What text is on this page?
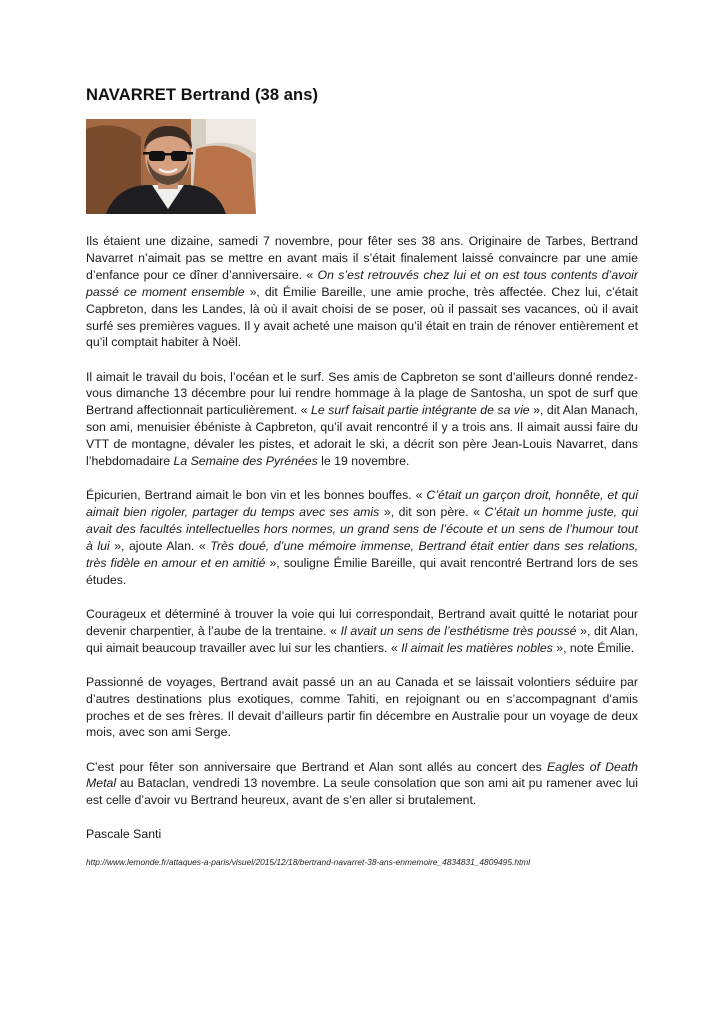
NAVARRET Bertrand (38 ans)

Ils étaient une dizaine, samedi 7 novembre, pour fêter ses 38 ans. Originaire de Tarbes, Bertrand Navarret n’aimait pas se mettre en avant mais il s’était finalement laissé convaincre par une amie d’enfance pour ce dîner d’anniversaire. « On s’est retrouvés chez lui et on est tous contents d’avoir passé ce moment ensemble », dit Émilie Bareille, une amie proche, très affectée. Chez lui, c’était Capbreton, dans les Landes, là où il avait choisi de se poser, où il passait ses vacances, où il avait surfé ses premières vagues. Il y avait acheté une maison qu’il était en train de rénover entièrement et qu’il comptait habiter à Noël.

Il aimait le travail du bois, l’océan et le surf. Ses amis de Capbreton se sont d’ailleurs donné rendez-vous dimanche 13 décembre pour lui rendre hommage à la plage de Santosha, un spot de surf que Bertrand affectionnait particulièrement. « Le surf faisait partie intégrante de sa vie », dit Alan Manach, son ami, menuisier ébéniste à Capbreton, qu’il avait rencontré il y a trois ans. Il aimait aussi faire du VTT de montagne, dévaler les pistes, et adorait le ski, a décrit son père Jean-Louis Navarret, dans l’hebdomadaire La Semaine des Pyrénées le 19 novembre.

Épicurien, Bertrand aimait le bon vin et les bonnes bouffes. « C’était un garçon droit, honnête, et qui aimait bien rigoler, partager du temps avec ses amis », dit son père. « C’était un homme juste, qui avait des facultés intellectuelles hors normes, un grand sens de l’écoute et un sens de l’humour tout à lui », ajoute Alan. « Très doué, d’une mémoire immense, Bertrand était entier dans ses relations, très fidèle en amour et en amitié », souligne Émilie Bareille, qui avait rencontré Bertrand lors de ses études.

Courageux et déterminé à trouver la voie qui lui correspondait, Bertrand avait quitté le notariat pour devenir charpentier, à l’aube de la trentaine. « Il avait un sens de l’esthétisme très poussé », dit Alan, qui aimait beaucoup travailler avec lui sur les chantiers. « Il aimait les matières nobles », note Émilie.

Passionné de voyages, Bertrand avait passé un an au Canada et se laissait volontiers séduire par d’autres destinations plus exotiques, comme Tahiti, en rejoignant ou en s’accompagnant d’amis proches et de ses frères. Il devait d’ailleurs partir fin décembre en Australie pour un voyage de deux mois, avec son ami Serge.

C’est pour fêter son anniversaire que Bertrand et Alan sont allés au concert des Eagles of Death Metal au Bataclan, vendredi 13 novembre. La seule consolation que son ami ait pu ramener avec lui est celle d’avoir vu Bertrand heureux, avant de s’en aller si brutalement.

Pascale Santi
http://www.lemonde.fr/attaques-a-paris/visuel/2015/12/18/bertrand-navarret-38-ans-enmemoire_4834831_4809495.html
